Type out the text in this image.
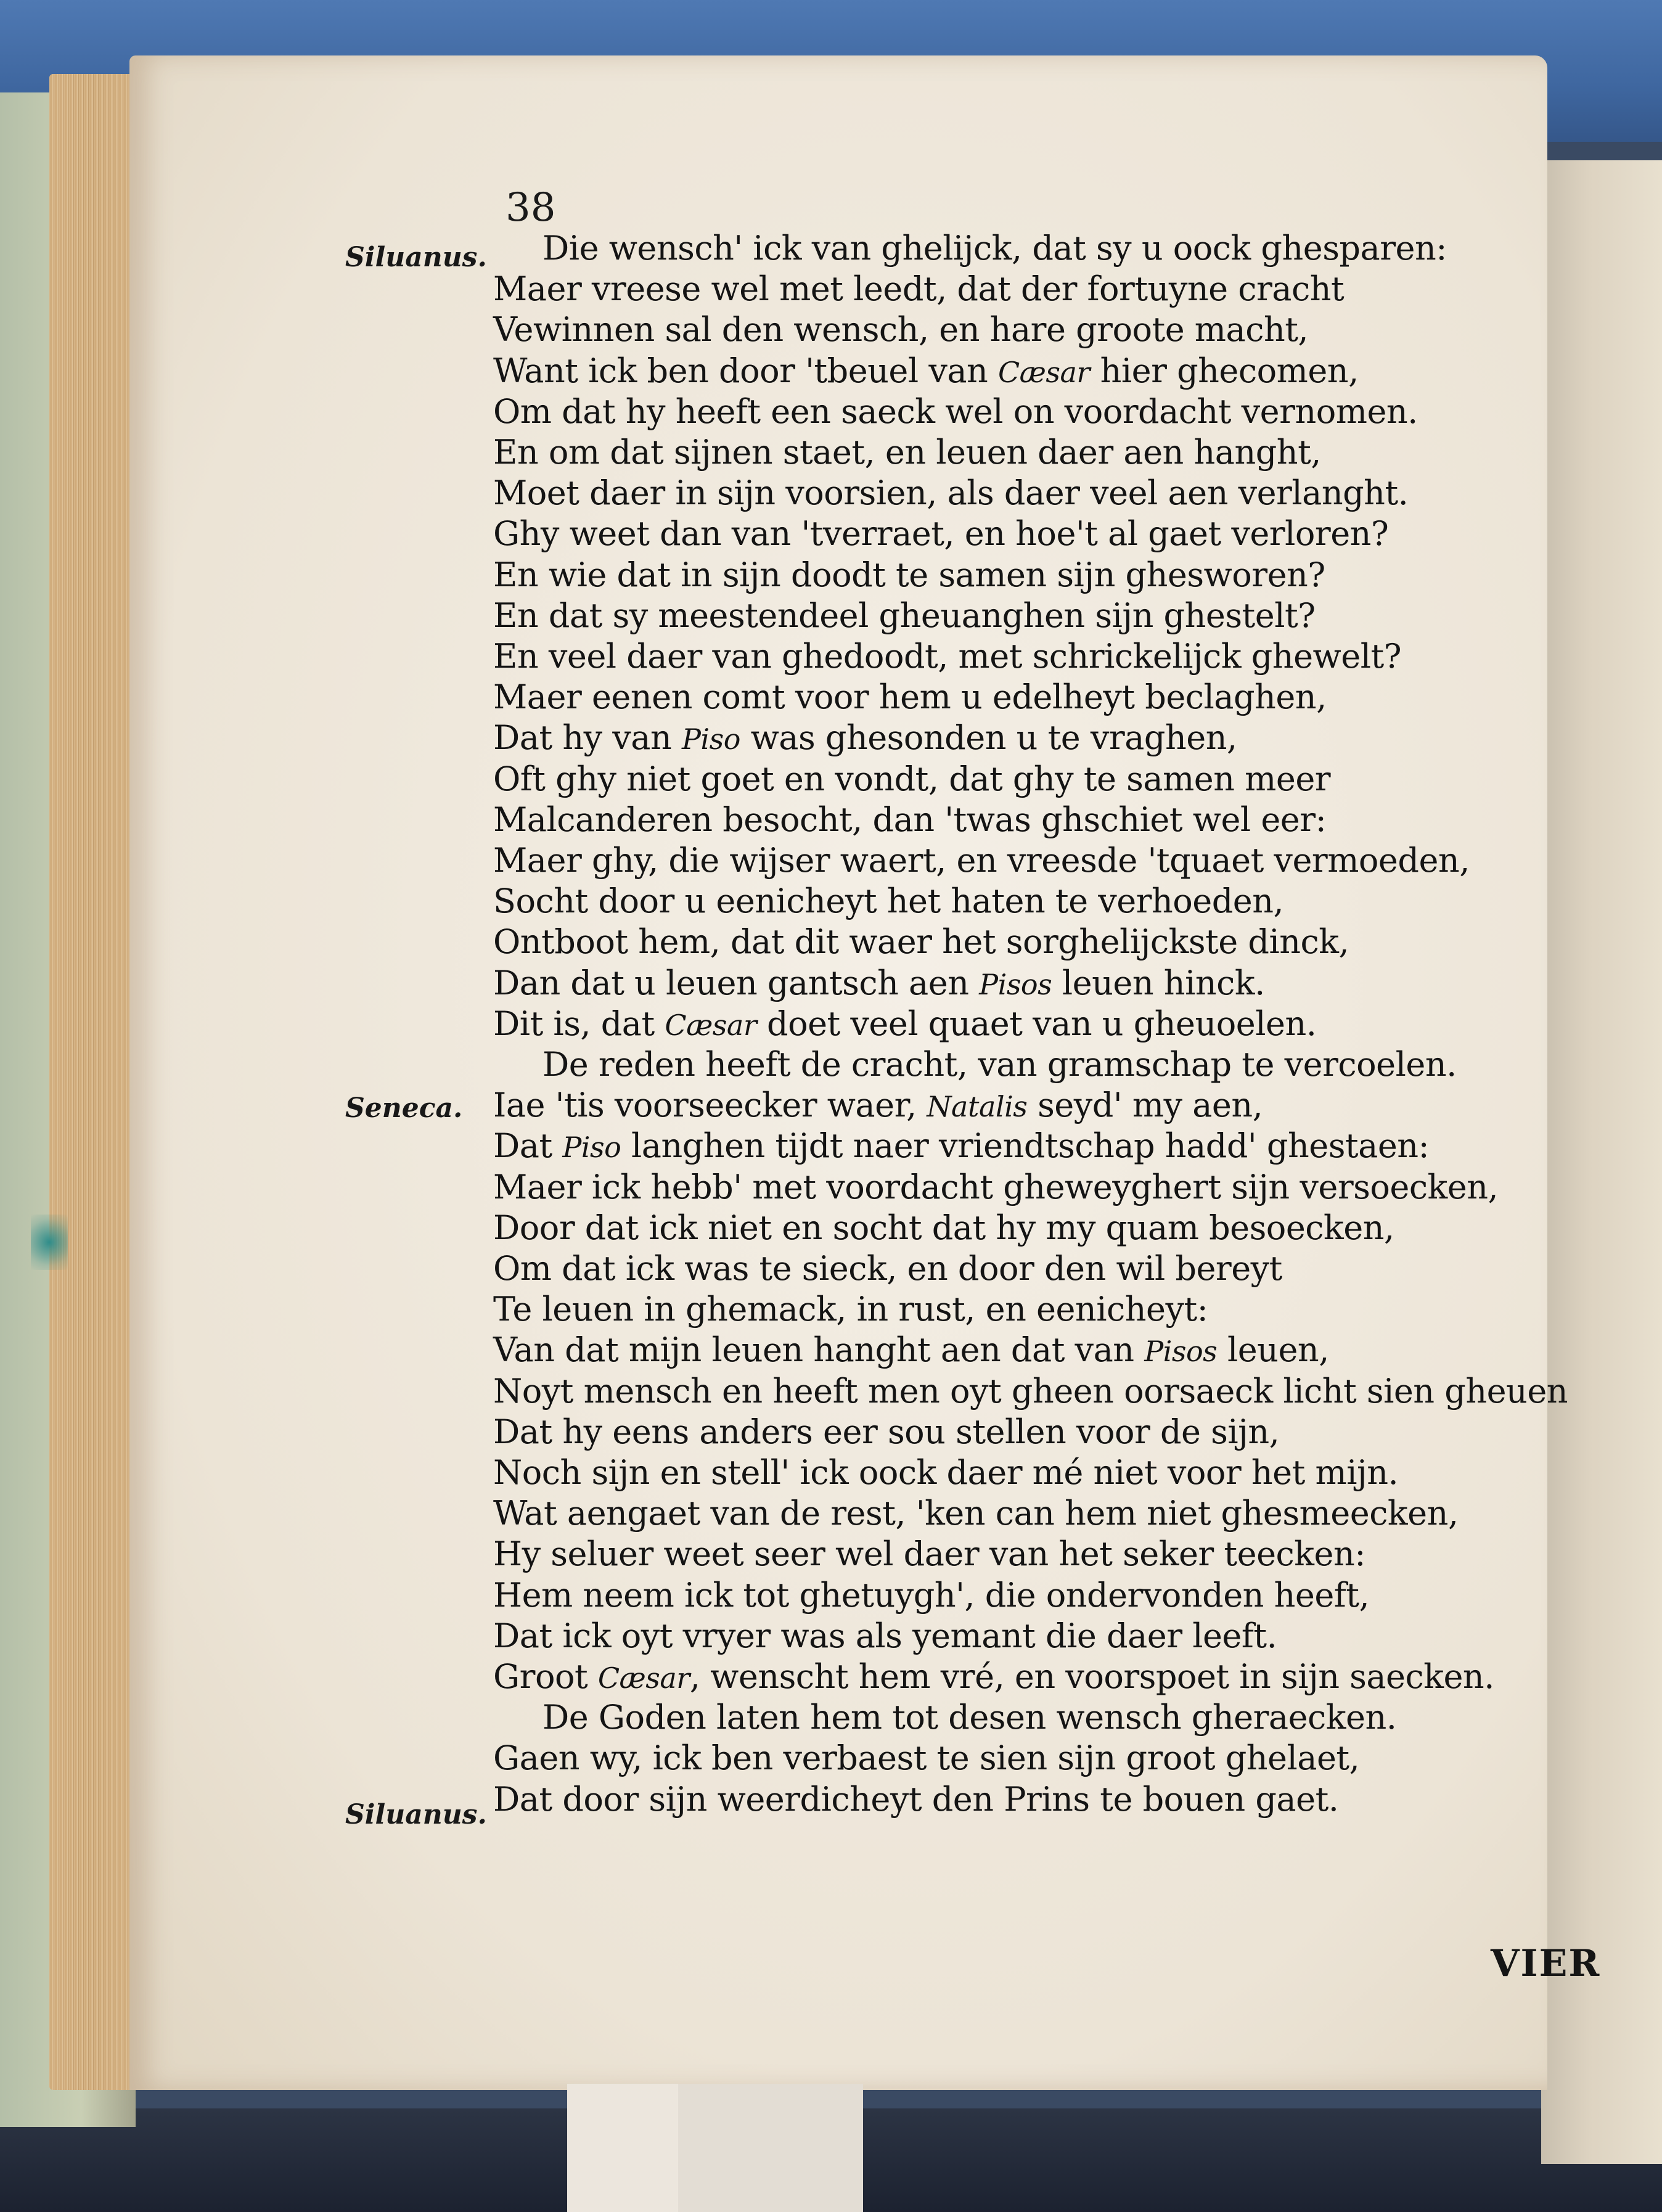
38
Siluanus.
Seneca.
Siluanus.
Die wensch' ick van ghelijck, dat sy u oock ghesparen:
Maer vreese wel met leedt, dat der fortuyne cracht
Vewinnen sal den wensch, en hare groote macht,
Want ick ben door 'tbeuel van Cæsar hier ghecomen,
Om dat hy heeft een saeck wel on voordacht vernomen.
En om dat sijnen staet, en leuen daer aen hanght,
Moet daer in sijn voorsien, als daer veel aen verlanght.
Ghy weet dan van 'tverraet, en hoe't al gaet verloren?
En wie dat in sijn doodt te samen sijn ghesworen?
En dat sy meestendeel gheuanghen sijn ghestelt?
En veel daer van ghedoodt, met schrickelijck ghewelt?
Maer eenen comt voor hem u edelheyt beclaghen,
Dat hy van Piso was ghesonden u te vraghen,
Oft ghy niet goet en vondt, dat ghy te samen meer
Malcanderen besocht, dan 'twas ghschiet wel eer:
Maer ghy, die wijser waert, en vreesde 'tquaet vermoeden,
Socht door u eenicheyt het haten te verhoeden,
Ontboot hem, dat dit waer het sorghelijckste dinck,
Dan dat u leuen gantsch aen Pisos leuen hinck.
Dit is, dat Cæsar doet veel quaet van u gheuoelen.
De reden heeft de cracht, van gramschap te vercoelen.
Iae 'tis voorseecker waer, Natalis seyd' my aen,
Dat Piso langhen tijdt naer vriendtschap hadd' ghestaen:
Maer ick hebb' met voordacht gheweyghert sijn versoecken,
Door dat ick niet en socht dat hy my quam besoecken,
Om dat ick was te sieck, en door den wil bereyt
Te leuen in ghemack, in rust, en eenicheyt:
Van dat mijn leuen hanght aen dat van Pisos leuen,
Noyt mensch en heeft men oyt gheen oorsaeck licht sien gheuen
Dat hy eens anders eer sou stellen voor de sijn,
Noch sijn en stell' ick oock daer mé niet voor het mijn.
Wat aengaet van de rest, 'ken can hem niet ghesmeecken,
Hy seluer weet seer wel daer van het seker teecken:
Hem neem ick tot ghetuygh', die ondervonden heeft,
Dat ick oyt vryer was als yemant die daer leeft.
Groot Cæsar, wenscht hem vré, en voorspoet in sijn saecken.
De Goden laten hem tot desen wensch gheraecken.
Gaen wy, ick ben verbaest te sien sijn groot ghelaet,
Dat door sijn weerdicheyt den Prins te bouen gaet.
VIER
